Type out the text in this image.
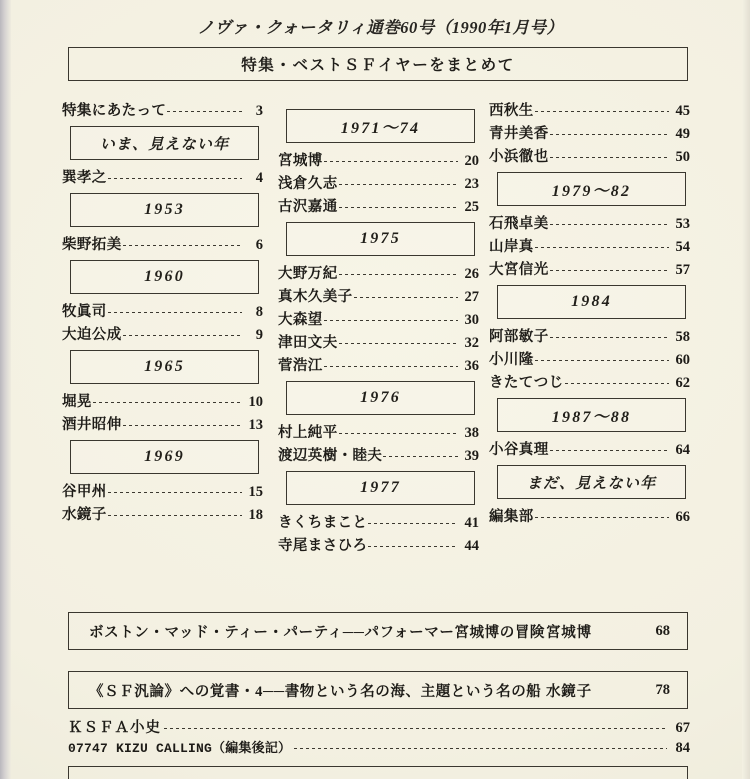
ノヴァ・クォータリィ通巻60号（1990年1月号）
特集・ベストＳＦイヤーをまとめて
特集にあたって	3
いま、見えない年
巽孝之	4
1953
柴野拓美	6
1960
牧眞司	8
大迫公成	9
1965
堀晃	10
酒井昭伸	13
1969
谷甲州	15
水鏡子	18
1971〜74
宮城博	20
浅倉久志	23
古沢嘉通	25
1975
大野万紀	26
真木久美子	27
大森望	30
津田文夫	32
菅浩江	36
1976
村上純平	38
渡辺英樹・睦夫	39
1977
きくちまこと	41
寺尾まさひろ	44
西秋生	45
青井美香	49
小浜徹也	50
1979〜82
石飛卓美	53
山岸真	54
大宮信光	57
1984
阿部敏子	58
小川隆	60
きたてつじ	62
1987〜88
小谷真理	64
まだ、見えない年
編集部	66
ボストン・マッド・ティー・パーティ──パフォーマー宮城博の冒険 宮城博	68
《ＳＦ汎論》への覚書・4──書物という名の海、主題という名の船 水鏡子	78
ＫＳＦＡ小史	67
07747 KIZU CALLING（編集後記）	84
